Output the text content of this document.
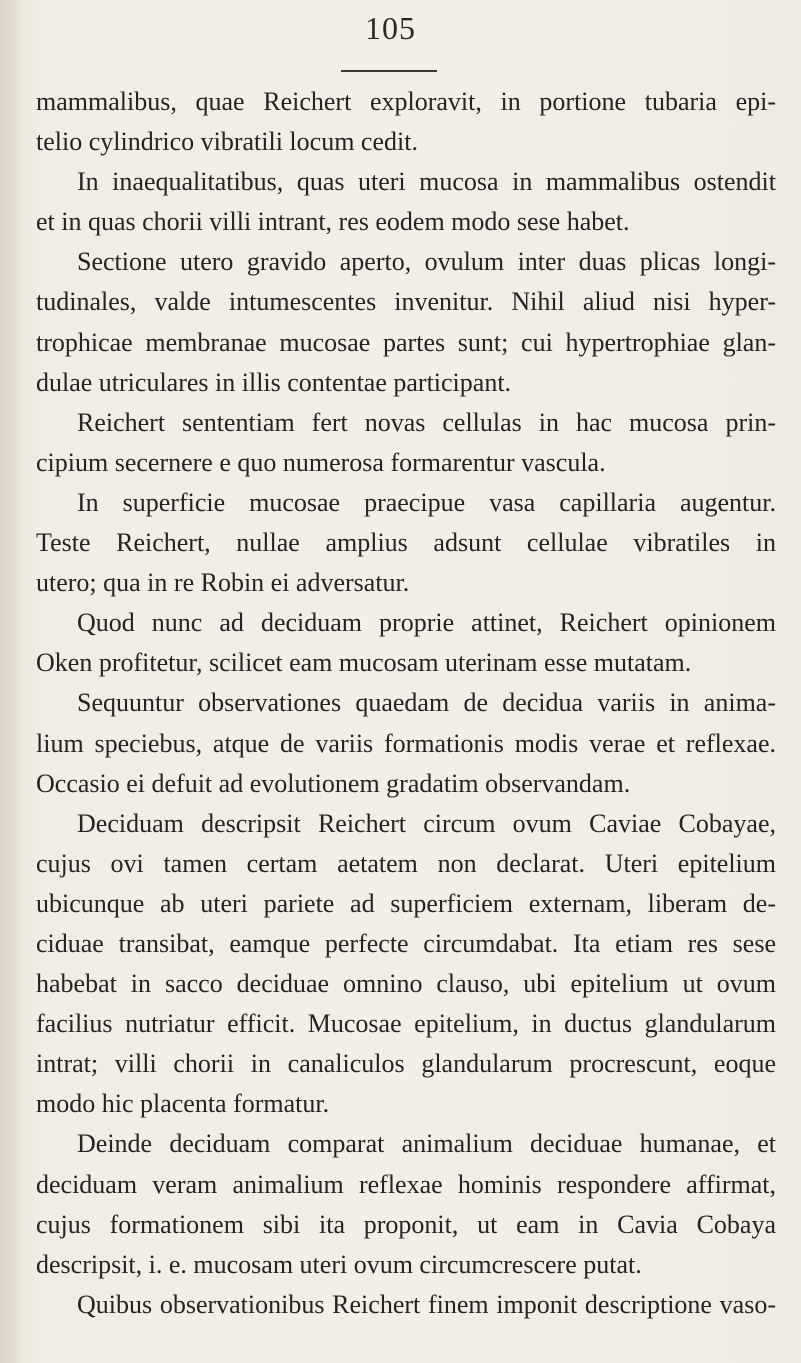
105
mammalibus, quae Reichert exploravit, in portione tubaria epi-
telio cylindrico vibratili locum cedit.
In inaequalitatibus, quas uteri mucosa in mammalibus ostendit
et in quas chorii villi intrant, res eodem modo sese habet.
Sectione utero gravido aperto, ovulum inter duas plicas longi-
tudinales, valde intumescentes invenitur. Nihil aliud nisi hyper-
trophicae membranae mucosae partes sunt; cui hypertrophiae glan-
dulae utriculares in illis contentae participant.
Reichert sententiam fert novas cellulas in hac mucosa prin-
cipium secernere e quo numerosa formarentur vascula.
In superficie mucosae praecipue vasa capillaria augentur.
Teste Reichert, nullae amplius adsunt cellulae vibratiles in
utero; qua in re Robin ei adversatur.
Quod nunc ad deciduam proprie attinet, Reichert opinionem
Oken profitetur, scilicet eam mucosam uterinam esse mutatam.
Sequuntur observationes quaedam de decidua variis in anima-
lium speciebus, atque de variis formationis modis verae et reflexae.
Occasio ei defuit ad evolutionem gradatim observandam.
Deciduam descripsit Reichert circum ovum Caviae Cobayae,
cujus ovi tamen certam aetatem non declarat. Uteri epitelium
ubicunque ab uteri pariete ad superficiem externam, liberam de-
ciduae transibat, eamque perfecte circumdabat. Ita etiam res sese
habebat in sacco deciduae omnino clauso, ubi epitelium ut ovum
facilius nutriatur efficit. Mucosae epitelium, in ductus glandularum
intrat; villi chorii in canaliculos glandularum procrescunt, eoque
modo hic placenta formatur.
Deinde deciduam comparat animalium deciduae humanae, et
deciduam veram animalium reflexae hominis respondere affirmat,
cujus formationem sibi ita proponit, ut eam in Cavia Cobaya
descripsit, i. e. mucosam uteri ovum circumcrescere putat.
Quibus observationibus Reichert finem imponit descriptione vaso-
